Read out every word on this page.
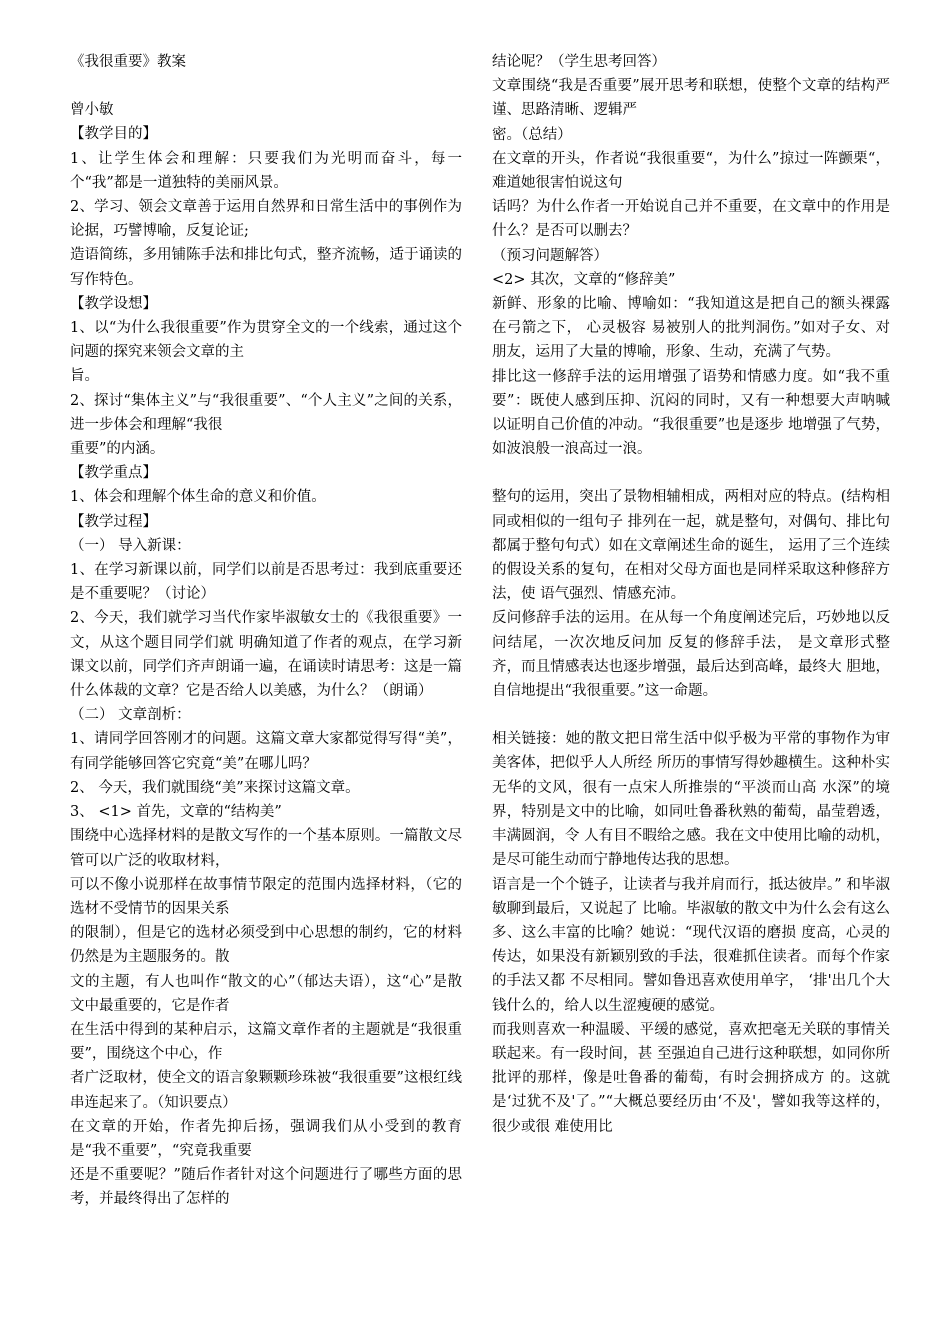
《我很重要》教案

曾小敏

【教学目的】

1、让学生体会和理解：只要我们为光明而奋斗，每一个“我”都是一道独特的美丽风景。

2、学习、领会文章善于运用自然界和日常生活中的事例作为论据，巧譬博喻，反复论证;

造语简练，多用铺陈手法和排比句式，整齐流畅，适于诵读的写作特色。

【教学设想】

1、以“为什么我很重要”作为贯穿全文的一个线索，通过这个问题的探究来领会文章的主

旨。

2、探讨“集体主义”与“我很重要”、“个人主义”之间的关系，进一步体会和理解“我很

重要”的内涵。

【教学重点】

1、体会和理解个体生命的意义和价值。

【教学过程】

（一） 导入新课：

1、在学习新课以前，同学们以前是否思考过：我到底重要还是不重要呢？（讨论）

2、今天，我们就学习当代作家毕淑敏女士的《我很重要》一文，从这个题目同学们就 明确知道了作者的观点，在学习新课文以前，同学们齐声朗诵一遍，在诵读时请思考：这是一篇什么体裁的文章？它是否给人以美感，为什么？（朗诵）

（二） 文章剖析：

1、请同学回答刚才的问题。这篇文章大家都觉得写得“美”，有同学能够回答它究竟“美”在哪儿吗？

2、 今天，我们就围绕“美”来探讨这篇文章。

3、 <1> 首先，文章的“结构美”

围绕中心选择材料的是散文写作的一个基本原则。一篇散文尽管可以广泛的收取材料，

可以不像小说那样在故事情节限定的范围内选择材料，（它的选材不受情节的因果关系

的限制），但是它的选材必须受到中心思想的制约，它的材料仍然是为主题服务的。散

文的主题，有人也叫作“散文的心”（郁达夫语），这“心”是散文中最重要的，它是作者

在生活中得到的某种启示，这篇文章作者的主题就是“我很重要”，围绕这个中心，作

者广泛取材，使全文的语言象颗颗珍珠被“我很重要”这根红线串连起来了。（知识要点）

在文章的开始，作者先抑后扬，强调我们从小受到的教育是“我不重要”，“究竟我重要

还是不重要呢？”随后作者针对这个问题进行了哪些方面的思考，并最终得出了怎样的

结论呢？（学生思考回答）

文章围绕“我是否重要”展开思考和联想，使整个文章的结构严谨、思路清晰、逻辑严

密。（总结）

在文章的开头，作者说“我很重要“，为什么”掠过一阵颤栗“，难道她很害怕说这句

话吗？为什么作者一开始说自己并不重要，在文章中的作用是什么？是否可以删去？

（预习问题解答）

<2> 其次，文章的“修辞美”

新鲜、形象的比喻、博喻如：“我知道这是把自己的额头裸露在弓箭之下， 心灵极容 易被别人的批判洞伤。”如对子女、对朋友，运用了大量的博喻，形象、生动，充满了气势。

排比这一修辞手法的运用增强了语势和情感力度。如“我不重要”：既使人感到压抑、沉闷的同时，又有一种想要大声呐喊以证明自己价值的冲动。“我很重要”也是逐步 地增强了气势，如波浪般一浪高过一浪。

整句的运用，突出了景物相辅相成，两相对应的特点。(结构相同或相似的一组句子 排列在一起，就是整句，对偶句、排比句都属于整句句式）如在文章阐述生命的诞生， 运用了三个连续的假设关系的复句，在相对父母方面也是同样采取这种修辞方法，使 语气强烈、情感充沛。

反问修辞手法的运用。在从每一个角度阐述完后，巧妙地以反问结尾，一次次地反问加 反复的修辞手法， 是文章形式整齐，而且情感表达也逐步增强，最后达到高峰，最终大 胆地，自信地提出“我很重要。”这一命题。

相关链接：她的散文把日常生活中似乎极为平常的事物作为审美客体，把似乎人人所经 所历的事情写得妙趣横生。这种朴实无华的文风，很有一点宋人所推崇的“平淡而山高 水深”的境界，特别是文中的比喻，如同吐鲁番秋熟的葡萄，晶莹碧透，丰满圆润，令 人有目不暇给之感。我在文中使用比喻的动机，是尽可能生动而宁静地传达我的思想。

语言是一个个链子，让读者与我并肩而行，抵达彼岸。” 和毕淑敏聊到最后，又说起了 比喻。毕淑敏的散文中为什么会有这么多、这么丰富的比喻？她说：“现代汉语的磨损 度高，心灵的传达，如果没有新颖别致的手法，很难抓住读者。而每个作家的手法又都 不尽相同。譬如鲁迅喜欢使用单字， ‘排'出几个大钱什么的，给人以生涩瘦硬的感觉。

而我则喜欢一种温暖、平缓的感觉，喜欢把毫无关联的事情关联起来。有一段时间，甚 至强迫自己进行这种联想，如同你所批评的那样，像是吐鲁番的葡萄，有时会拥挤成方 的。这就是‘过犹不及'了。”“大概总要经历由‘不及'，譬如我等这样的，很少或很 难使用比
